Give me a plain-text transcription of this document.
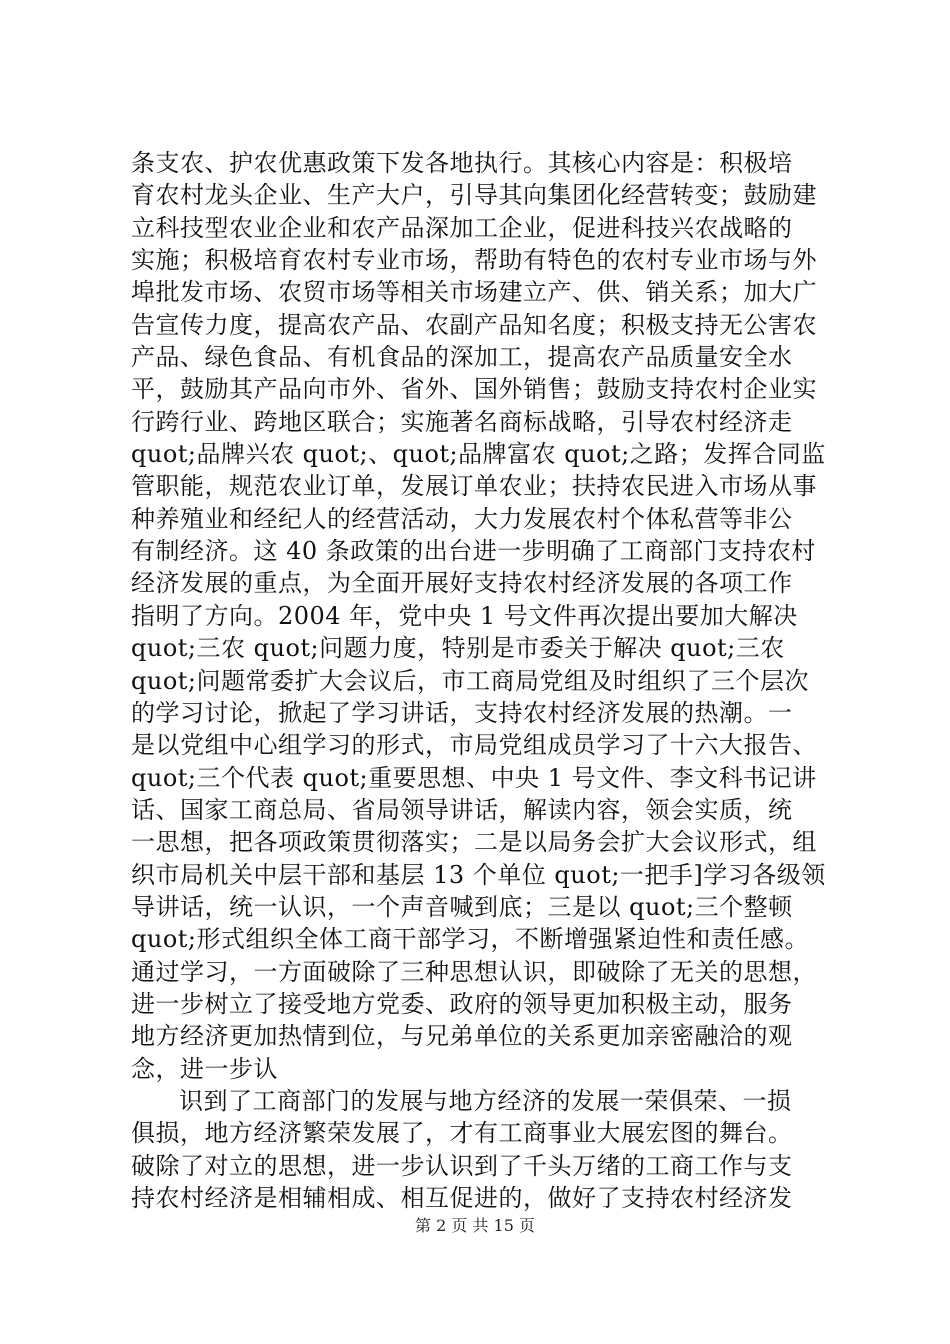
条支农、护农优惠政策下发各地执行。其核心内容是：积极培
育农村龙头企业、生产大户，引导其向集团化经营转变；鼓励建
立科技型农业企业和农产品深加工企业，促进科技兴农战略的
实施；积极培育农村专业市场，帮助有特色的农村专业市场与外
埠批发市场、农贸市场等相关市场建立产、供、销关系；加大广
告宣传力度，提高农产品、农副产品知名度；积极支持无公害农
产品、绿色食品、有机食品的深加工，提高农产品质量安全水
平，鼓励其产品向市外、省外、国外销售；鼓励支持农村企业实
行跨行业、跨地区联合；实施著名商标战略，引导农村经济走
quot;品牌兴农 quot;、quot;品牌富农 quot;之路；发挥合同监
管职能，规范农业订单，发展订单农业；扶持农民进入市场从事
种养殖业和经纪人的经营活动，大力发展农村个体私营等非公
有制经济。这 40 条政策的出台进一步明确了工商部门支持农村
经济发展的重点，为全面开展好支持农村经济发展的各项工作
指明了方向。2004 年，党中央 1 号文件再次提出要加大解决
quot;三农 quot;问题力度，特别是市委关于解决 quot;三农
quot;问题常委扩大会议后，市工商局党组及时组织了三个层次
的学习讨论，掀起了学习讲话，支持农村经济发展的热潮。一
是以党组中心组学习的形式，市局党组成员学习了十六大报告、
quot;三个代表 quot;重要思想、中央 1 号文件、李文科书记讲
话、国家工商总局、省局领导讲话，解读内容，领会实质，统
一思想，把各项政策贯彻落实；二是以局务会扩大会议形式，组
织市局机关中层干部和基层 13 个单位 quot;一把手]学习各级领
导讲话，统一认识，一个声音喊到底；三是以 quot;三个整顿
quot;形式组织全体工商干部学习，不断增强紧迫性和责任感。
通过学习，一方面破除了三种思想认识，即破除了无关的思想，
进一步树立了接受地方党委、政府的领导更加积极主动，服务
地方经济更加热情到位，与兄弟单位的关系更加亲密融洽的观
念，进一步认
识到了工商部门的发展与地方经济的发展一荣俱荣、一损
俱损，地方经济繁荣发展了，才有工商事业大展宏图的舞台。
破除了对立的思想，进一步认识到了千头万绪的工商工作与支
持农村经济是相辅相成、相互促进的，做好了支持农村经济发
第 2 页 共 15 页
